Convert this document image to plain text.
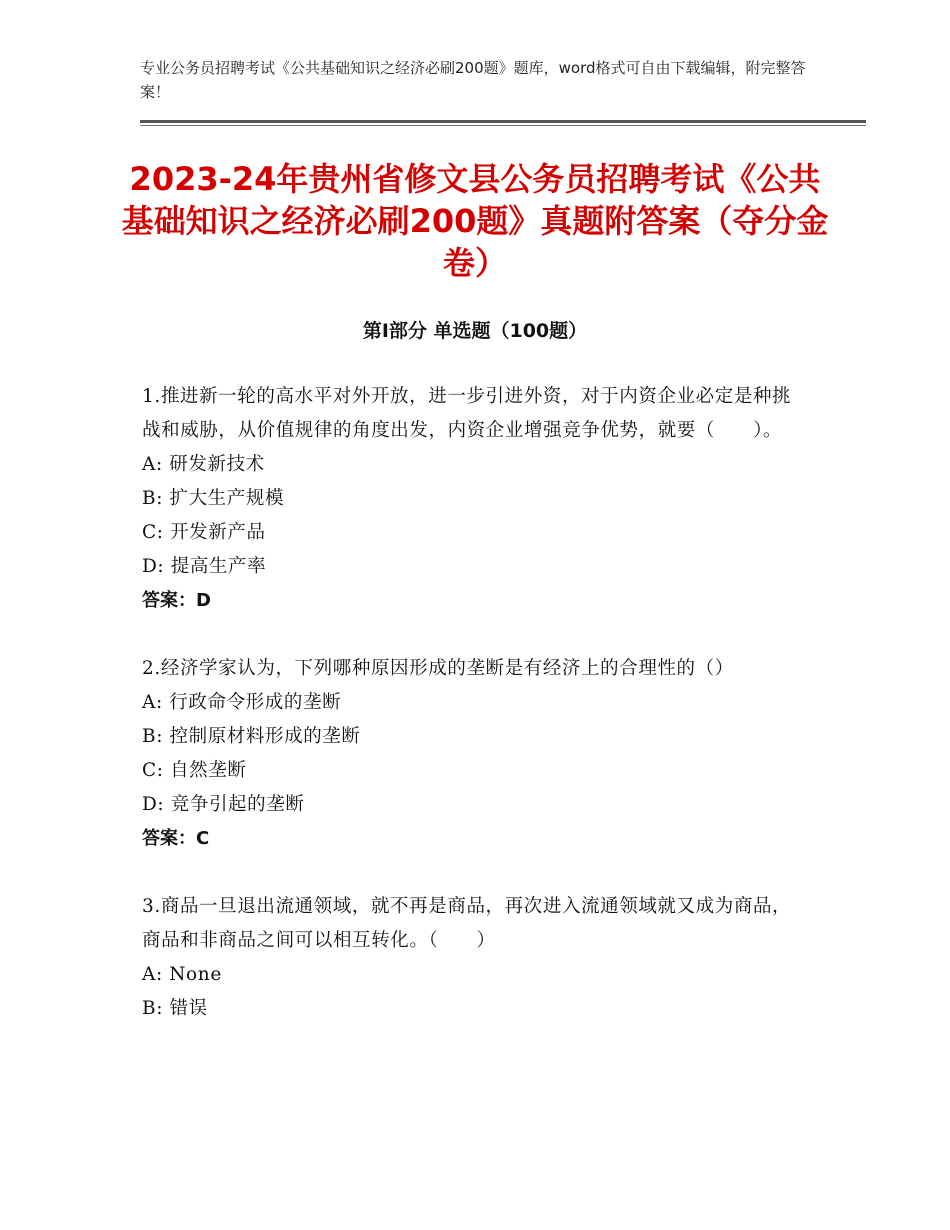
专业公务员招聘考试《公共基础知识之经济必刷200题》题库，word格式可自由下载编辑，附完整答案！
2023-24年贵州省修文县公务员招聘考试《公共基础知识之经济必刷200题》真题附答案（夺分金卷）
第Ⅰ部分 单选题（100题）
1.推进新一轮的高水平对外开放，进一步引进外资，对于内资企业必定是种挑战和威胁，从价值规律的角度出发，内资企业增强竞争优势，就要（　　）。
A: 研发新技术
B: 扩大生产规模
C: 开发新产品
D: 提高生产率
答案：D
2.经济学家认为，下列哪种原因形成的垄断是有经济上的合理性的（）
A: 行政命令形成的垄断
B: 控制原材料形成的垄断
C: 自然垄断
D: 竞争引起的垄断
答案：C
3.商品一旦退出流通领域，就不再是商品，再次进入流通领域就又成为商品，商品和非商品之间可以相互转化。（　　）
A: None
B: 错误
